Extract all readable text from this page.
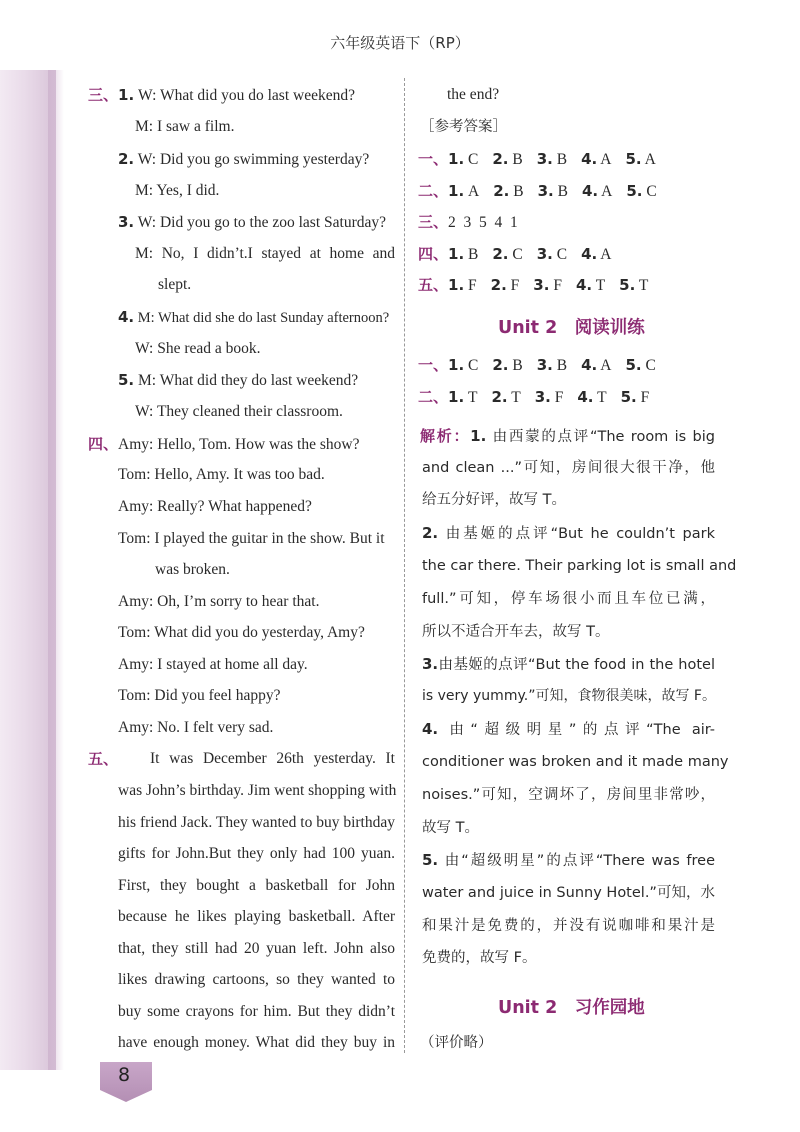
六年级英语下（RP）
三、1. W: What did you do last weekend?
M: I saw a film.
2. W: Did you go swimming yesterday?
M: Yes, I did.
3. W: Did you go to the zoo last Saturday?
M: No, I didn’t.I stayed at home and
slept.
4. M: What did she do last Sunday afternoon?
W: She read a book.
5. M: What did they do last weekend?
W: They cleaned their classroom.
四、Amy: Hello, Tom. How was the show?
Tom: Hello, Amy. It was too bad.
Amy: Really? What happened?
Tom: I played the guitar in the show. But it
was broken.
Amy: Oh, I’m sorry to hear that.
Tom: What did you do yesterday, Amy?
Amy: I stayed at home all day.
Tom: Did you feel happy?
Amy: No. I felt very sad.
五、 It was December 26th yesterday. It
was John’s birthday. Jim went shopping with
his friend Jack. They wanted to buy birthday
gifts for John.But they only had 100 yuan.
First, they bought a basketball for John
because he likes playing basketball. After
that, they still had 20 yuan left. John also
likes drawing cartoons, so they wanted to
buy some crayons for him. But they didn’t
have enough money. What did they buy in
the end?
［参考答案］
一、1. C 2. B 3. B 4. A 5. A
二、1. A 2. B 3. B 4. A 5. C
三、2  3  5  4  1
四、1. B 2. C 3. C 4. A
五、1. F 2. F 3. F 4. T 5. T
Unit 2　阅读训练
一、1. C 2. B 3. B 4. A 5. C
二、1. T 2. T 3. F 4. T 5. F
解析：1. 由西蒙的点评“The room is big
and clean ...”可知，房间很大很干净，他
给五分好评，故写 T。
2. 由基姬的点评“But he couldn’t park
the car there. Their parking lot is small and
full.”可知，停车场很小而且车位已满，
所以不适合开车去，故写 T。
3.由基姬的点评“But the food in the hotel
is very yummy.”可知，食物很美味，故写 F。
4. 由“超级明星”的点评“The air-
conditioner was broken and it made many
noises.”可知，空调坏了，房间里非常吵，
故写 T。
5. 由“超级明星”的点评“There was free
water and juice in Sunny Hotel.”可知，水
和果汁是免费的，并没有说咖啡和果汁是
免费的，故写 F。
Unit 2　习作园地
（评价略）
8
